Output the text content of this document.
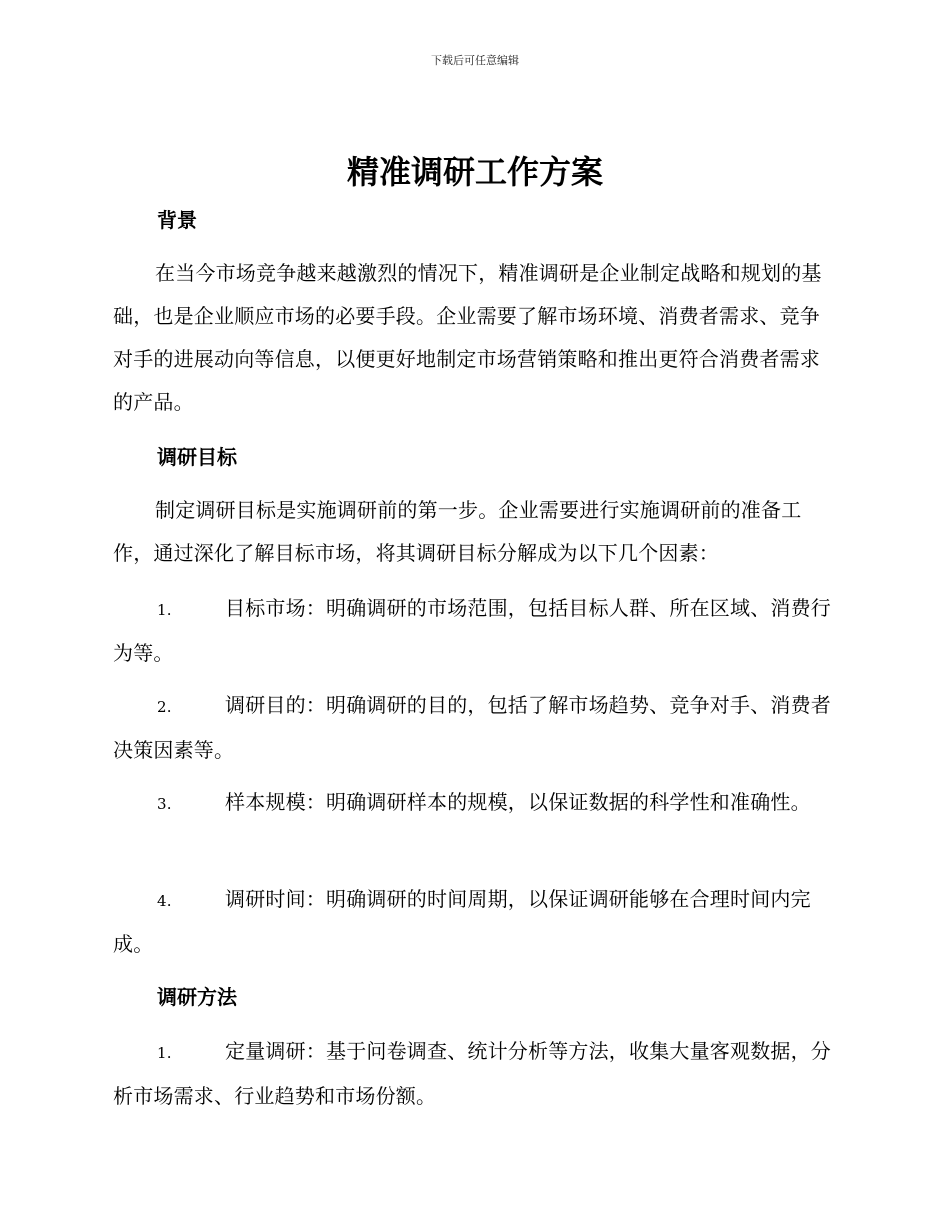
下载后可任意编辑
精准调研工作方案
背景

在当今市场竞争越来越激烈的情况下，精准调研是企业制定战略和规划的基础，也是企业顺应市场的必要手段。企业需要了解市场环境、消费者需求、竞争对手的进展动向等信息，以便更好地制定市场营销策略和推出更符合消费者需求的产品。

调研目标

制定调研目标是实施调研前的第一步。企业需要进行实施调研前的准备工作，通过深化了解目标市场，将其调研目标分解成为以下几个因素：

1.	目标市场：明确调研的市场范围，包括目标人群、所在区域、消费行为等。

2.	调研目的：明确调研的目的，包括了解市场趋势、竞争对手、消费者决策因素等。

3.	样本规模：明确调研样本的规模，以保证数据的科学性和准确性。

4.	调研时间：明确调研的时间周期，以保证调研能够在合理时间内完成。

调研方法

1.	定量调研：基于问卷调查、统计分析等方法，收集大量客观数据，分析市场需求、行业趋势和市场份额。
